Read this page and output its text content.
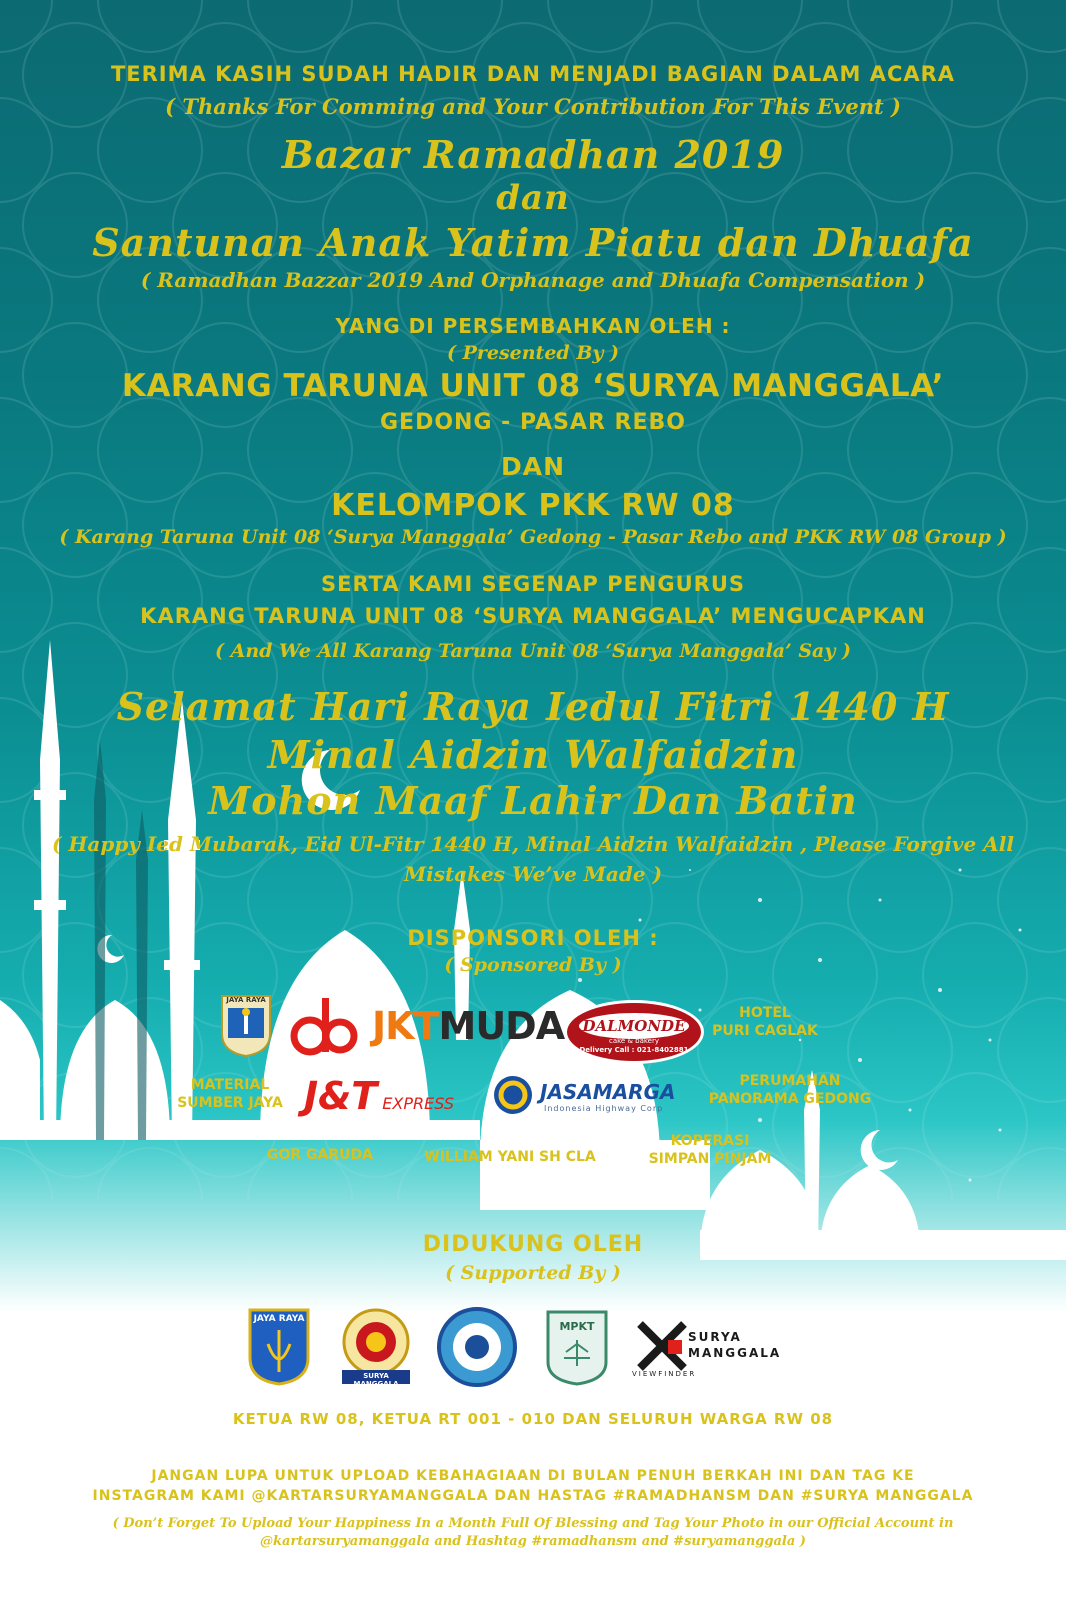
TERIMA KASIH SUDAH HADIR DAN MENJADI BAGIAN DALAM ACARA

( Thanks For Comming and Your Contribution For This Event )

Bazar Ramadhan 2019

dan

Santunan Anak Yatim Piatu dan Dhuafa

( Ramadhan Bazzar 2019 And Orphanage and Dhuafa Compensation )

YANG DI PERSEMBAHKAN OLEH :

( Presented By )

KARANG TARUNA UNIT 08 ‘SURYA MANGGALA’

GEDONG - PASAR REBO

DAN

KELOMPOK PKK RW 08

( Karang Taruna Unit 08 ‘Surya Manggala’ Gedong - Pasar Rebo and PKK RW 08 Group )

SERTA KAMI SEGENAP PENGURUS

KARANG TARUNA UNIT 08 ‘SURYA MANGGALA’ MENGUCAPKAN

( And We All Karang Taruna Unit 08 ‘Surya Manggala’ Say )

Selamat Hari Raya Iedul Fitri 1440 H

Minal Aidzin Walfaidzin

Mohon Maaf Lahir Dan Batin

( Happy Ied Mubarak, Eid Ul-Fitr 1440 H, Minal Aidzin Walfaidzin , Please Forgive All

Mistakes We’ve Made )

DISPONSORI OLEH :

( Sponsored By )

JAYA RAYA
JKTMUDA DALMONDE
cake & bakery
Delivery Call : 021-8402881
HOTEL
PURI CAGLAK
MATERIAL
SUMBER JAYA J&T EXPRESS	JASAMARGA
Indonesia Highway Corp
PERUMAHAN
PANORAMA GEDONG
GOR GARUDA	WILLIAM YANI SH CLA
KOPERASI
SIMPAN PINJAM

DIDUKUNG OLEH

( Supported By )

JAYA RAYA
SURYA MANGGALA
MPKT
SURYA
MANGGALA
VIEWFINDER

KETUA RW 08, KETUA RT 001 - 010 DAN SELURUH WARGA RW 08

JANGAN LUPA UNTUK UPLOAD KEBAHAGIAAN DI BULAN PENUH BERKAH INI DAN TAG KE

INSTAGRAM KAMI @KARTARSURYAMANGGALA DAN HASTAG #RAMADHANSM DAN #SURYA MANGGALA

( Don’t Forget To Upload Your Happiness In a Month Full Of Blessing and Tag Your Photo in our Official Account in

@kartarsuryamanggala and Hashtag #ramadhansm and #suryamanggala )
